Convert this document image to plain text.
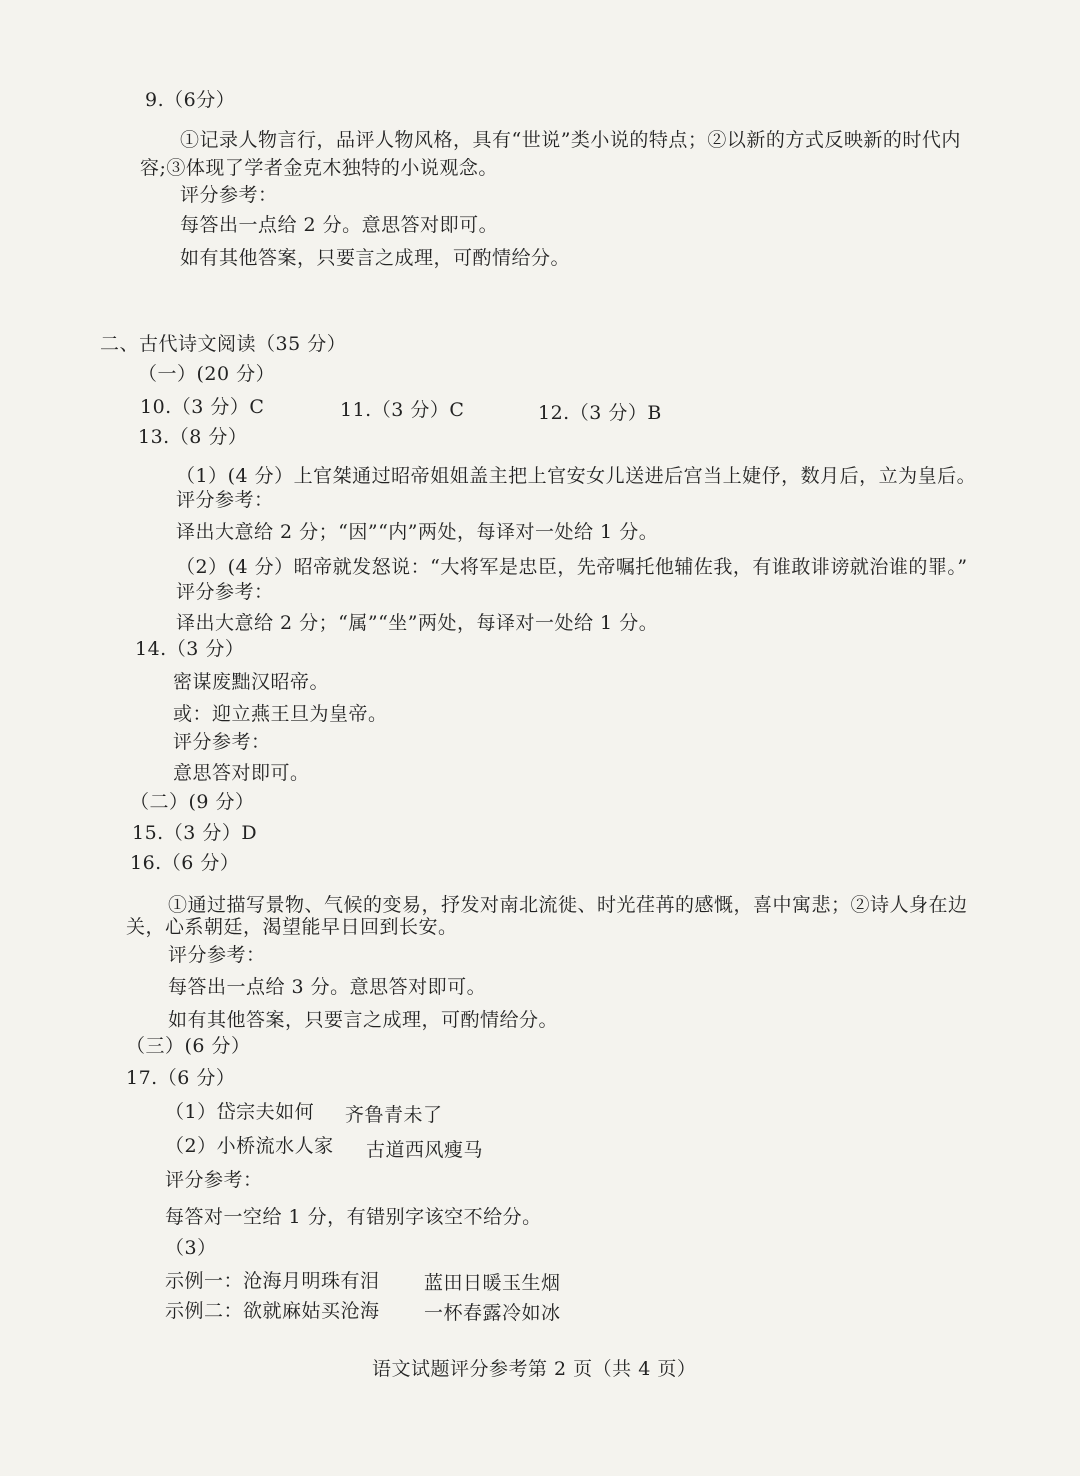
9.（6分）
①记录人物言行，品评人物风格，具有“世说”类小说的特点；②以新的方式反映新的时代内
容;③体现了学者金克木独特的小说观念。
评分参考：
每答出一点给 2 分。意思答对即可。
如有其他答案，只要言之成理，可酌情给分。
二、古代诗文阅读（35 分）
（一）(20 分）
10.（3 分）C	11.（3 分）C	12.（3 分）B
13.（8 分）
（1）(4 分）上官桀通过昭帝姐姐盖主把上官安女儿送进后宫当上婕伃，数月后，立为皇后。
评分参考：
译出大意给 2 分；“因”“内”两处，每译对一处给 1 分。
（2）(4 分）昭帝就发怒说：“大将军是忠臣，先帝嘱托他辅佐我，有谁敢诽谤就治谁的罪。”
评分参考：
译出大意给 2 分；“属”“坐”两处，每译对一处给 1 分。
14.（3 分）
密谋废黜汉昭帝。
或：迎立燕王旦为皇帝。
评分参考：
意思答对即可。
（二）(9 分）
15.（3 分）D
16.（6 分）
①通过描写景物、气候的变易，抒发对南北流徙、时光荏苒的感慨，喜中寓悲；②诗人身在边
关，心系朝廷，渴望能早日回到长安。
评分参考：
每答出一点给 3 分。意思答对即可。
如有其他答案，只要言之成理，可酌情给分。
（三）(6 分）
17.（6 分）
（1）岱宗夫如何 齐鲁青未了
（2）小桥流水人家 古道西风瘦马
评分参考：
每答对一空给 1 分，有错别字该空不给分。
（3）
示例一：沧海月明珠有泪 蓝田日暖玉生烟
示例二：欲就麻姑买沧海 一杯春露冷如冰
语文试题评分参考第 2 页（共 4 页）
